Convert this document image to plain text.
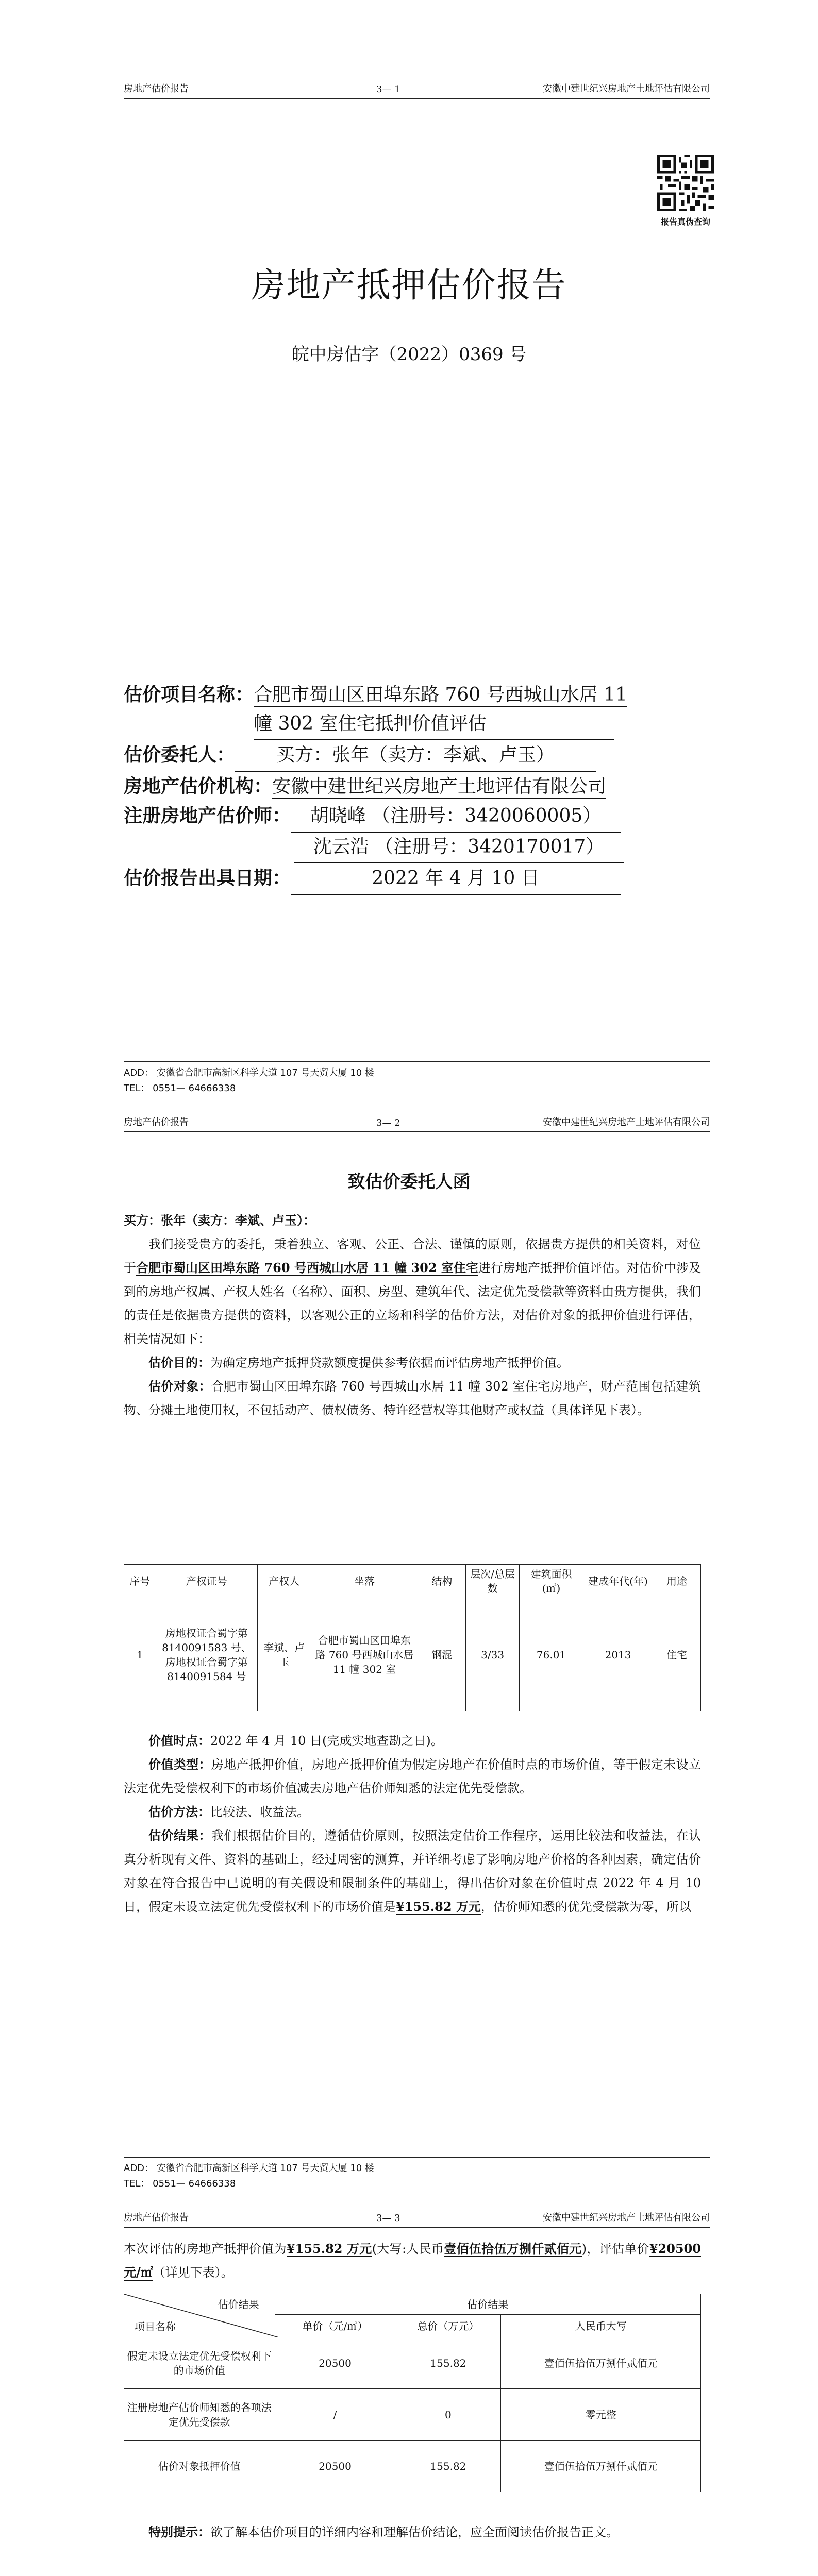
房地产估价报告	3— 1	安徽中建世纪兴房地产土地评估有限公司
报告真伪查询
房地产抵押估价报告
皖中房估字（2022）0369 号
估价项目名称：合肥市蜀山区田埠东路 760 号西城山水居 11
幢 302 室住宅抵押价值评估
估价委托人： 买方：张年（卖方：李斌、卢玉）
房地产估价机构：安徽中建世纪兴房地产土地评估有限公司
注册房地产估价师： 胡晓峰 （注册号：3420060005）
沈云浩 （注册号：3420170017）
估价报告出具日期：	2022 年 4 月 10 日
ADD： 安徽省合肥市高新区科学大道 107 号天贸大厦 10 楼
TEL： 0551— 64666338
房地产估价报告	3— 2	安徽中建世纪兴房地产土地评估有限公司
致估价委托人函
买方：张年（卖方：李斌、卢玉）：
我们接受贵方的委托，秉着独立、客观、公正、合法、谨慎的原则，依据贵方提供的相关资料，对位于合肥市蜀山区田埠东路 760 号西城山水居 11 幢 302 室住宅进行房地产抵押价值评估。对估价中涉及到的房地产权属、产权人姓名（名称）、面积、房型、建筑年代、法定优先受偿款等资料由贵方提供，我们的责任是依据贵方提供的资料，以客观公正的立场和科学的估价方法，对估价对象的抵押价值进行评估，相关情况如下：
估价目的：为确定房地产抵押贷款额度提供参考依据而评估房地产抵押价值。
估价对象：合肥市蜀山区田埠东路 760 号西城山水居 11 幢 302 室住宅房地产，财产范围包括建筑物、分摊土地使用权，不包括动产、债权债务、特许经营权等其他财产或权益（具体详见下表）。
序号	产权证号	产权人	坐落	结构	层次/总层数	建筑面积(㎡)	建成年代(年)	用途
1	房地权证合蜀字第 8140091583 号、房地权证合蜀字第 8140091584 号	李斌、卢玉	合肥市蜀山区田埠东路 760 号西城山水居 11 幢 302 室	钢混	3/33	76.01	2013	住宅
价值时点：2022 年 4 月 10 日(完成实地查勘之日)。
价值类型：房地产抵押价值，房地产抵押价值为假定房地产在价值时点的市场价值，等于假定未设立法定优先受偿权利下的市场价值减去房地产估价师知悉的法定优先受偿款。
估价方法：比较法、收益法。
估价结果：我们根据估价目的，遵循估价原则，按照法定估价工作程序，运用比较法和收益法，在认真分析现有文件、资料的基础上，经过周密的测算，并详细考虑了影响房地产价格的各种因素，确定估价对象在符合报告中已说明的有关假设和限制条件的基础上，得出估价对象在价值时点 2022 年 4 月 10 日，假定未设立法定优先受偿权利下的市场价值是¥155.82 万元，估价师知悉的优先受偿款为零，所以
ADD： 安徽省合肥市高新区科学大道 107 号天贸大厦 10 楼
TEL： 0551— 64666338
房地产估价报告	3— 3	安徽中建世纪兴房地产土地评估有限公司
本次评估的房地产抵押价值为¥155.82 万元(大写:人民币壹佰伍拾伍万捌仟贰佰元)，评估单价¥20500 元/㎡（详见下表）。
估价结果
项目名称	估价结果		
	单价（元/㎡）	总价（万元）	人民币大写
假定未设立法定优先受偿权利下的市场价值	20500	155.82	壹佰伍拾伍万捌仟贰佰元
注册房地产估价师知悉的各项法定优先受偿款	/	0	零元整
估价对象抵押价值	20500	155.82	壹佰伍拾伍万捌仟贰佰元
特别提示：欲了解本估价项目的详细内容和理解估价结论，应全面阅读估价报告正文。
